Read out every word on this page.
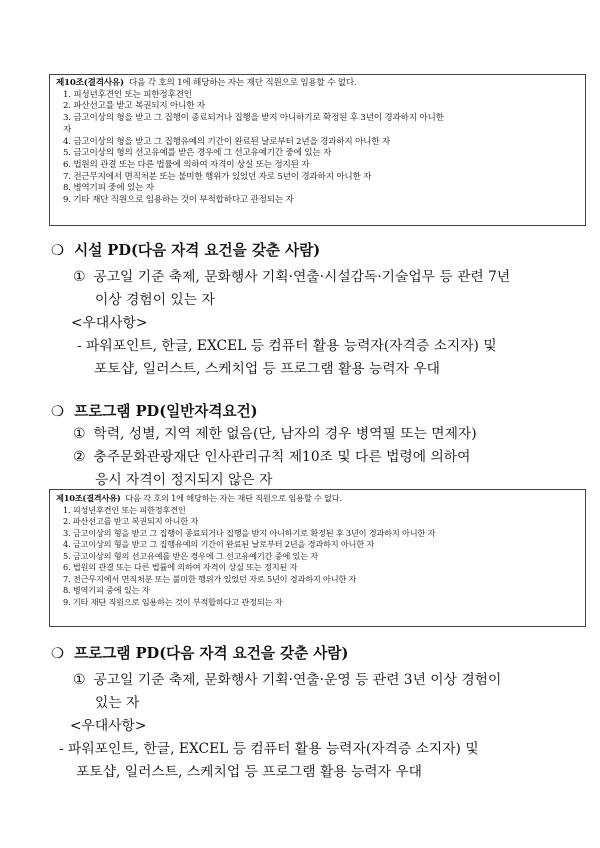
제10조(결격사유) 다음 각 호의 1에 해당하는 자는 재단 직원으로 임용할 수 없다.
1. 피성년후견인 또는 피한정후견인
2. 파산선고를 받고 복권되지 아니한 자
3. 금고이상의 형을 받고 그 집행이 종료되거나 집행을 받지 아니하기로 확정된 후 3년이 경과하지 아니한
자
4. 금고이상의 형을 받고 그 집행유예의 기간이 완료된 날로부터 2년을 경과하지 아니한 자
5. 금고이상의 형의 선고유예를 받은 경우에 그 선고유예기간 중에 있는 자
6. 법원의 관결 또는 다른 법률에 의하여 자격이 상실 또는 정지된 자
7. 전근무지에서 면직처분 또는 불미한 행위가 있었던 자로 5년이 경과하지 아니한 자
8. 병역기피 중에 있는 자
9. 기타 재단 직원으로 임용하는 것이 부적합하다고 관정되는 자
❍ 시설 PD(다음 자격 요건을 갖춘 사람)
① 공고일 기준 축제, 문화행사 기획·연출·시설감독·기술업무 등 관련 7년
이상 경험이 있는 자
<우대사항>
- 파워포인트, 한글, EXCEL 등 컴퓨터 활용 능력자(자격증 소지자) 및
포토샵, 일러스트, 스케치업 등 프로그램 활용 능력자 우대
❍ 프로그램 PD(일반자격요건)
① 학력, 성별, 지역 제한 없음(단, 남자의 경우 병역필 또는 면제자)
② 충주문화관광재단 인사관리규칙 제10조 및 다른 법령에 의하여
응시 자격이 정지되지 않은 자
제10조(결격사유) 다음 각 호의 1에 해당하는 자는 재단 직원으로 임용할 수 없다.
1. 피성년후견인 또는 피한정후견인
2. 파산선고를 받고 복권되지 아니한 자
3. 금고이상의 형을 받고 그 집행이 종료되거나 집행을 받지 아니하기로 확정된 후 3년이 경과하지 아니한 자
4. 금고이상의 형을 받고 그 집행유예의 기간이 완료된 날로부터 2년을 경과하지 아니한 자
5. 금고이상의 형의 선고유예를 받은 경우에 그 선고유예기간 중에 있는 자
6. 법원의 관결 또는 다른 법률에 의하여 자격이 상실 또는 정지된 자
7. 전근무지에서 면직처분 또는 불미한 행위가 있었던 자로 5년이 경과하지 아니한 자
8. 병역기피 중에 있는 자
9. 기타 재단 직원으로 임용하는 것이 부적합하다고 관정되는 자
❍ 프로그램 PD(다음 자격 요건을 갖춘 사람)
① 공고일 기준 축제, 문화행사 기획·연출·운영 등 관련 3년 이상 경험이
있는 자
<우대사항>
- 파워포인트, 한글, EXCEL 등 컴퓨터 활용 능력자(자격증 소지자) 및
포토샵, 일러스트, 스케치업 등 프로그램 활용 능력자 우대
